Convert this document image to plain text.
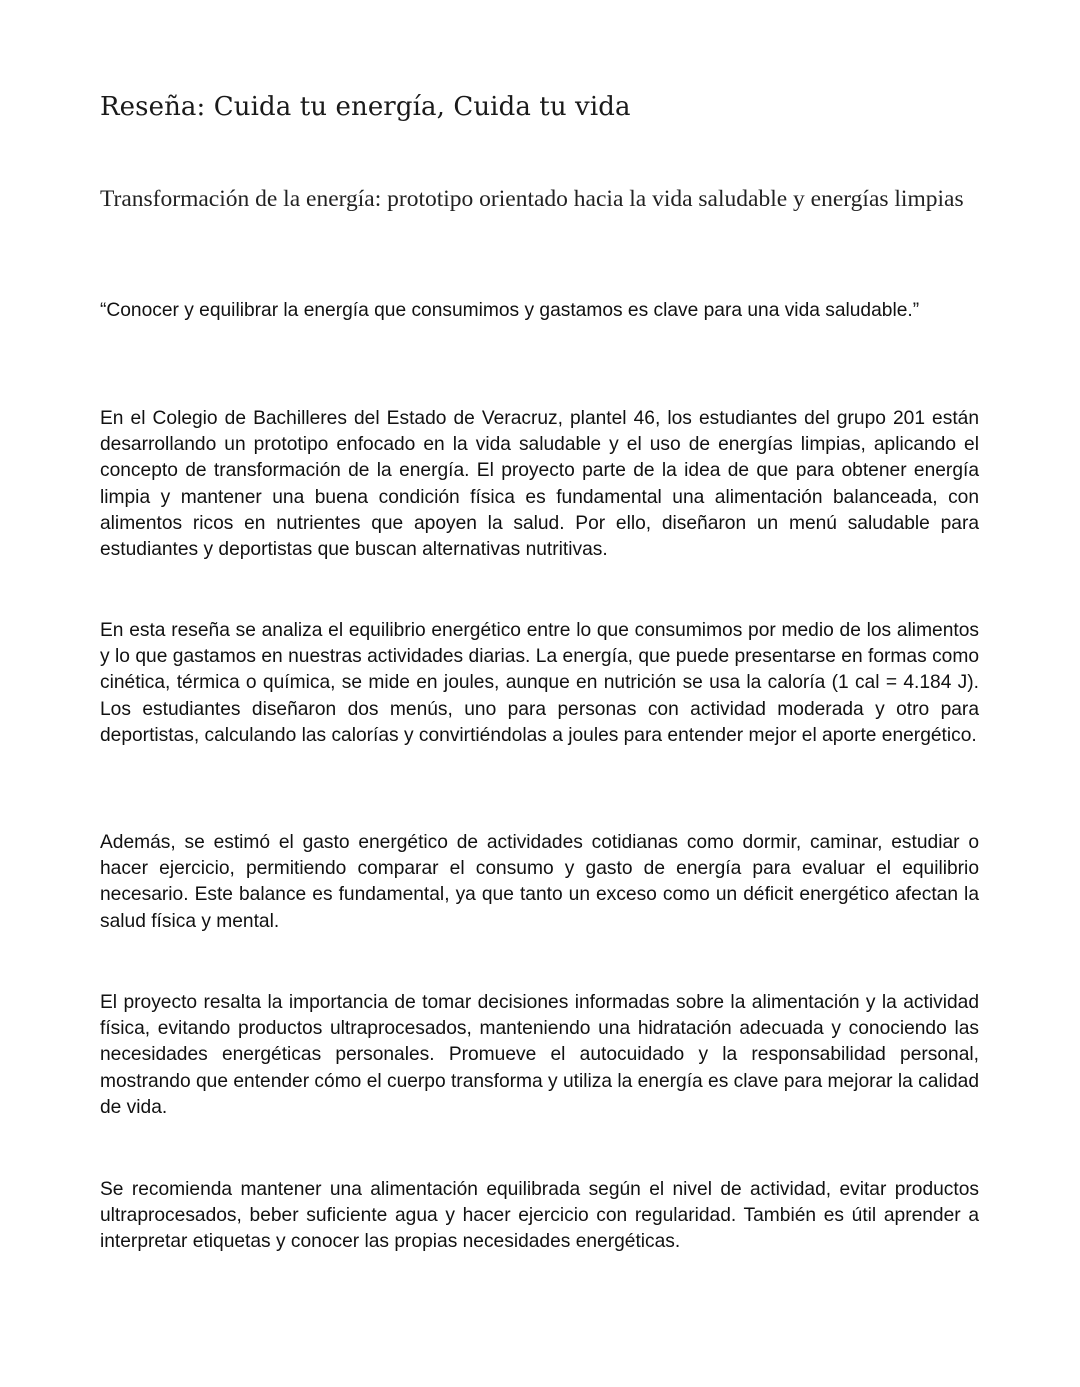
Reseña: Cuida tu energía, Cuida tu vida

Transformación de la energía: prototipo orientado hacia la vida saludable y energías limpias

“Conocer y equilibrar la energía que consumimos y gastamos es clave para una vida saludable.”

En el Colegio de Bachilleres del Estado de Veracruz, plantel 46, los estudiantes del grupo 201 están desarrollando un prototipo enfocado en la vida saludable y el uso de energías limpias, aplicando el concepto de transformación de la energía. El proyecto parte de la idea de que para obtener energía limpia y mantener una buena condición física es fundamental una alimentación balanceada, con alimentos ricos en nutrientes que apoyen la salud. Por ello, diseñaron un menú saludable para estudiantes y deportistas que buscan alternativas nutritivas.

En esta reseña se analiza el equilibrio energético entre lo que consumimos por medio de los alimentos y lo que gastamos en nuestras actividades diarias. La energía, que puede presentarse en formas como cinética, térmica o química, se mide en joules, aunque en nutrición se usa la caloría (1 cal = 4.184 J). Los estudiantes diseñaron dos menús, uno para personas con actividad moderada y otro para deportistas, calculando las calorías y convirtiéndolas a joules para entender mejor el aporte energético.

Además, se estimó el gasto energético de actividades cotidianas como dormir, caminar, estudiar o hacer ejercicio, permitiendo comparar el consumo y gasto de energía para evaluar el equilibrio necesario. Este balance es fundamental, ya que tanto un exceso como un déficit energético afectan la salud física y mental.

El proyecto resalta la importancia de tomar decisiones informadas sobre la alimentación y la actividad física, evitando productos ultraprocesados, manteniendo una hidratación adecuada y conociendo las necesidades energéticas personales. Promueve el autocuidado y la responsabilidad personal, mostrando que entender cómo el cuerpo transforma y utiliza la energía es clave para mejorar la calidad de vida.

Se recomienda mantener una alimentación equilibrada según el nivel de actividad, evitar productos ultraprocesados, beber suficiente agua y hacer ejercicio con regularidad. También es útil aprender a interpretar etiquetas y conocer las propias necesidades energéticas.
